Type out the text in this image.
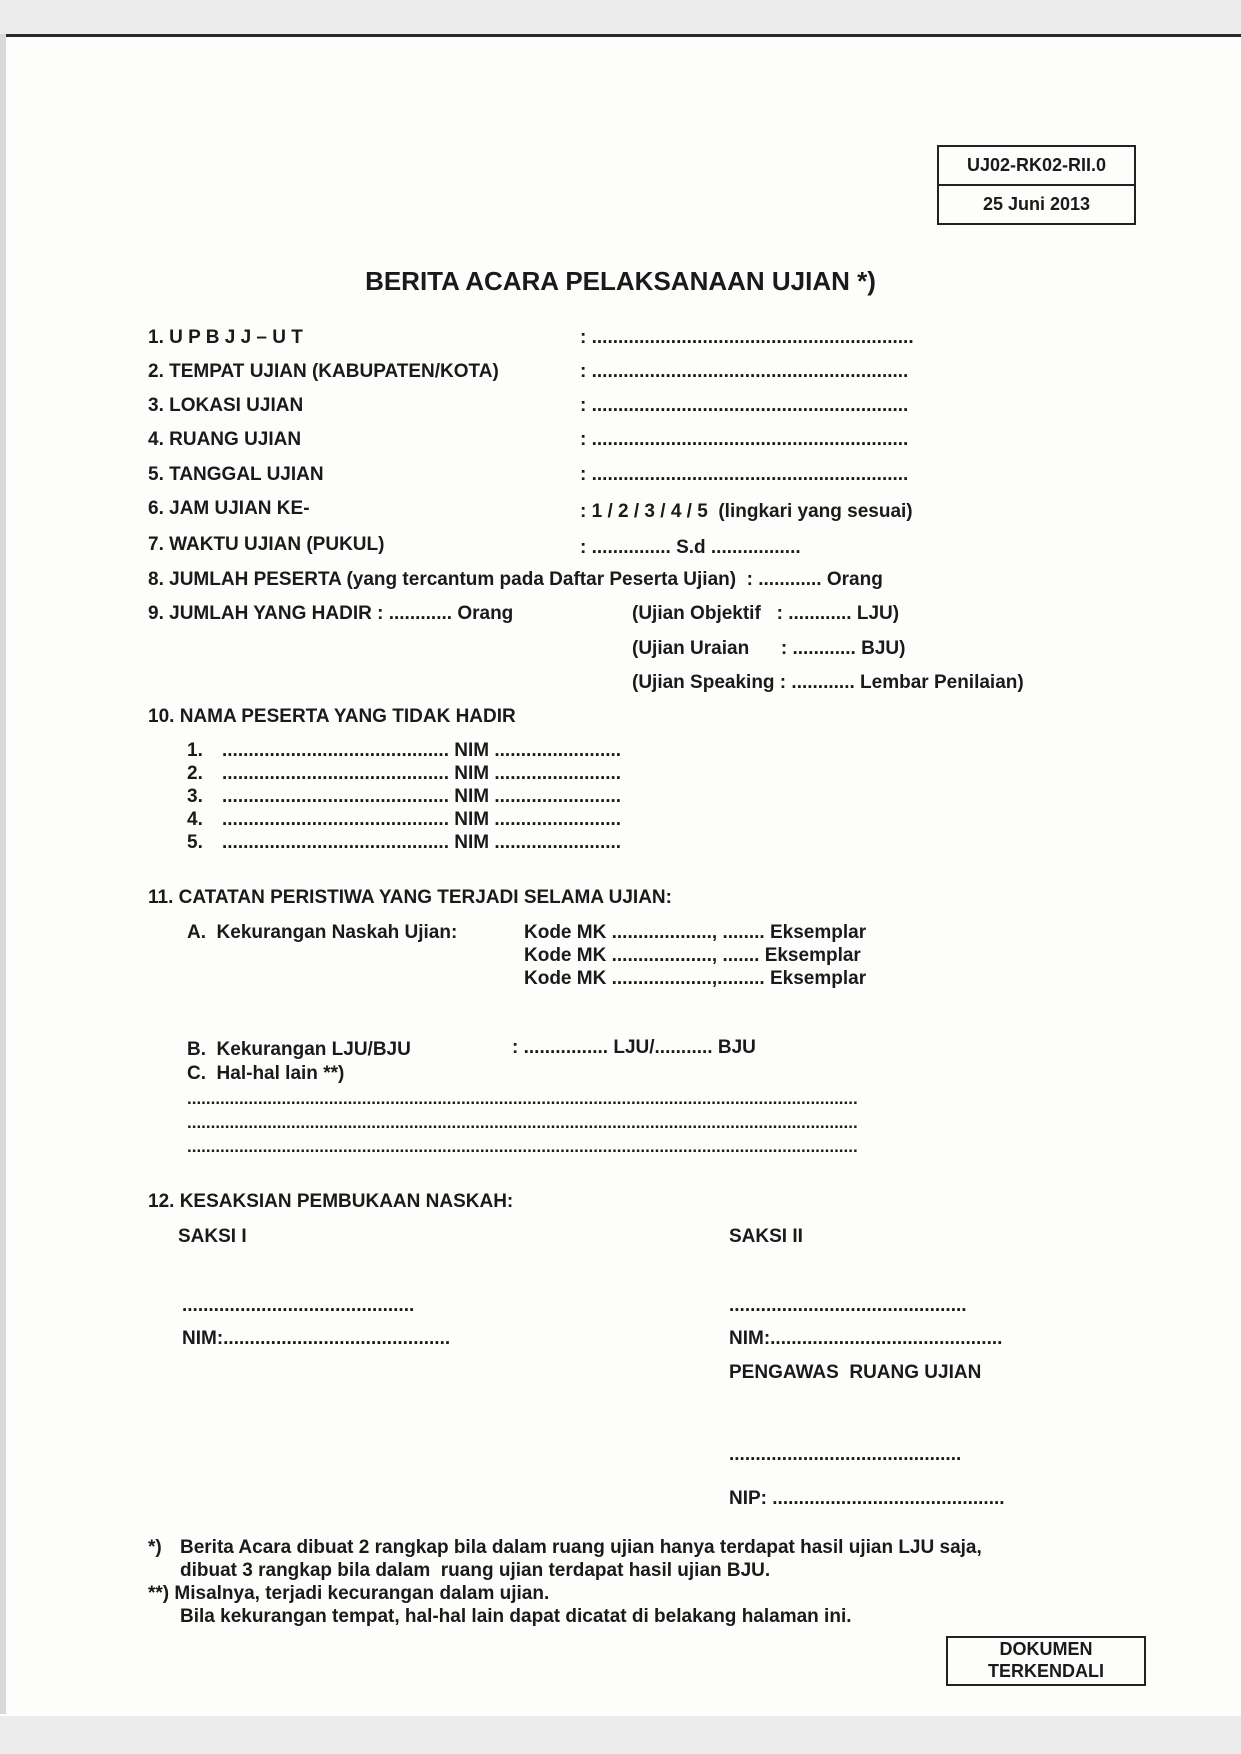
UJ02-RK02-RII.0
25 Juni 2013
BERITA ACARA PELAKSANAAN UJIAN *)
1. U P B J J – U T	: .............................................................
2. TEMPAT UJIAN (KABUPATEN/KOTA)	: ............................................................
3. LOKASI UJIAN	: ............................................................
4. RUANG UJIAN	: ............................................................
5. TANGGAL UJIAN	: ............................................................
6. JAM UJIAN KE-	: 1 / 2 / 3 / 4 / 5  (lingkari yang sesuai)
7. WAKTU UJIAN (PUKUL)	: ............... S.d .................
8. JUMLAH PESERTA (yang tercantum pada Daftar Peserta Ujian)  : ............ Orang
9. JUMLAH YANG HADIR : ............ Orang	(Ujian Objektif   : ............ LJU)
(Ujian Uraian      : ............ BJU)
(Ujian Speaking : ............ Lembar Penilaian)
10. NAMA PESERTA YANG TIDAK HADIR
1. ........................................... NIM ........................
2. ........................................... NIM ........................
3. ........................................... NIM ........................
4. ........................................... NIM ........................
5. ........................................... NIM ........................
11. CATATAN PERISTIWA YANG TERJADI SELAMA UJIAN:
A.  Kekurangan Naskah Ujian:	Kode MK ..................., ........ Eksemplar
Kode MK ..................., ....... Eksemplar
Kode MK ...................,......... Eksemplar
B.  Kekurangan LJU/BJU	: ................ LJU/........... BJU
C.  Hal-hal lain **)
..............................................................................................................................................
..............................................................................................................................................
..............................................................................................................................................
12. KESAKSIAN PEMBUKAAN NASKAH:
SAKSI I	SAKSI II
............................................	.............................................
NIM:...........................................	NIM:............................................
PENGAWAS  RUANG UJIAN
............................................
NIP: ............................................
*) Berita Acara dibuat 2 rangkap bila dalam ruang ujian hanya terdapat hasil ujian LJU saja,
dibuat 3 rangkap bila dalam  ruang ujian terdapat hasil ujian BJU.
**) Misalnya, terjadi kecurangan dalam ujian.
Bila kekurangan tempat, hal-hal lain dapat dicatat di belakang halaman ini.
DOKUMEN
TERKENDALI
